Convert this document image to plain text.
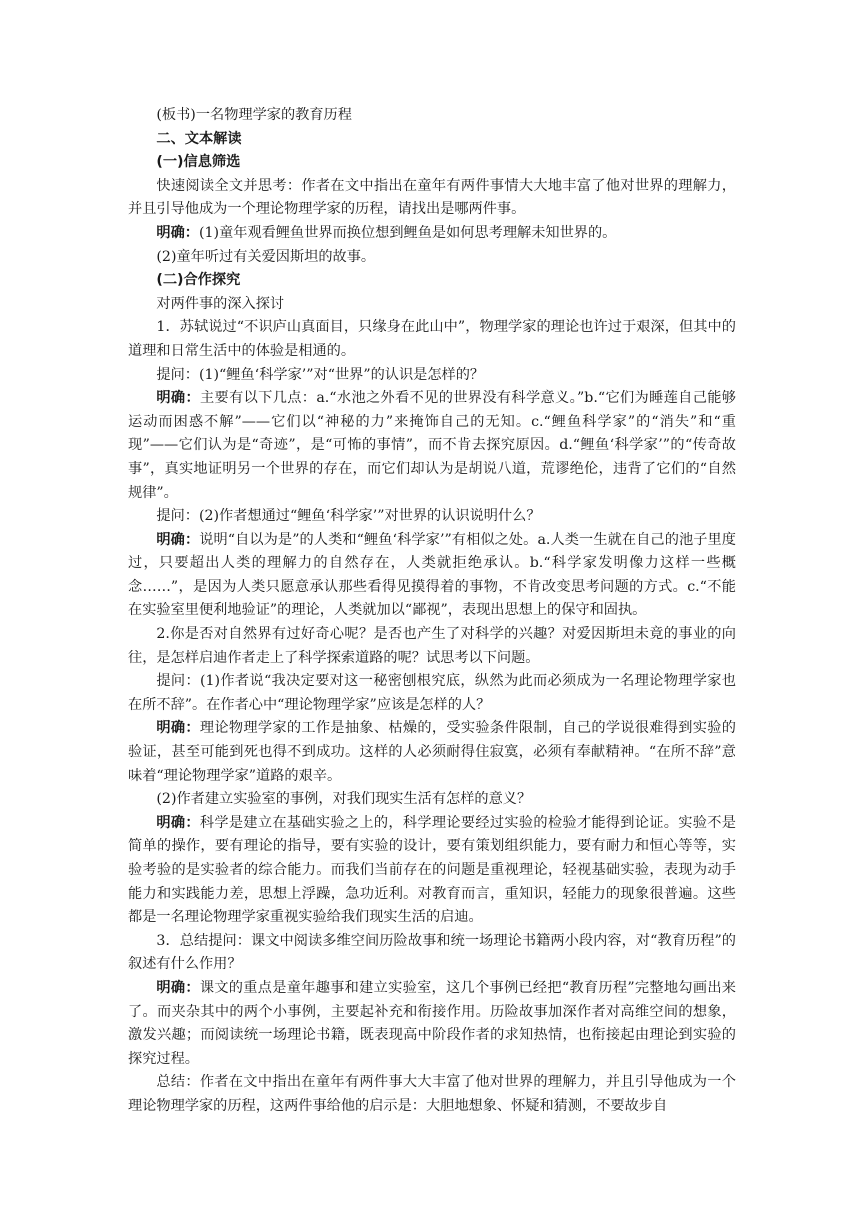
(板书)一名物理学家的教育历程

二、文本解读

(一)信息筛选

快速阅读全文并思考：作者在文中指出在童年有两件事情大大地丰富了他对世界的理解力，并且引导他成为一个理论物理学家的历程，请找出是哪两件事。

明确：(1)童年观看鲤鱼世界而换位想到鲤鱼是如何思考理解未知世界的。

(2)童年听过有关爱因斯坦的故事。

(二)合作探究

对两件事的深入探讨

1．苏轼说过“不识庐山真面目，只缘身在此山中”，物理学家的理论也许过于艰深，但其中的道理和日常生活中的体验是相通的。

提问：(1)“鲤鱼‘科学家’”对“世界”的认识是怎样的？

明确：主要有以下几点：a.“水池之外看不见的世界没有科学意义。”b.“它们为睡莲自己能够运动而困惑不解”——它们以“神秘的力”来掩饰自己的无知。c.“鲤鱼科学家”的“消失”和“重现”——它们认为是“奇迹”，是“可怖的事情”，而不肯去探究原因。d.“鲤鱼‘科学家’”的“传奇故事”，真实地证明另一个世界的存在，而它们却认为是胡说八道，荒谬绝伦，违背了它们的“自然规律”。

提问：(2)作者想通过“鲤鱼‘科学家’”对世界的认识说明什么？

明确：说明“自以为是”的人类和“鲤鱼‘科学家’”有相似之处。a.人类一生就在自己的池子里度过，只要超出人类的理解力的自然存在，人类就拒绝承认。b.“科学家发明像力这样一些概念……”，是因为人类只愿意承认那些看得见摸得着的事物，不肯改变思考问题的方式。c.“不能在实验室里便利地验证”的理论，人类就加以“鄙视”，表现出思想上的保守和固执。

2.你是否对自然界有过好奇心呢？是否也产生了对科学的兴趣？对爱因斯坦未竟的事业的向往，是怎样启迪作者走上了科学探索道路的呢？试思考以下问题。

提问：(1)作者说“我决定要对这一秘密刨根究底，纵然为此而必须成为一名理论物理学家也在所不辞”。在作者心中“理论物理学家”应该是怎样的人？

明确：理论物理学家的工作是抽象、枯燥的，受实验条件限制，自己的学说很难得到实验的验证，甚至可能到死也得不到成功。这样的人必须耐得住寂寞，必须有奉献精神。“在所不辞”意味着“理论物理学家”道路的艰辛。

(2)作者建立实验室的事例，对我们现实生活有怎样的意义？

明确：科学是建立在基础实验之上的，科学理论要经过实验的检验才能得到论证。实验不是简单的操作，要有理论的指导，要有实验的设计，要有策划组织能力，要有耐力和恒心等等，实验考验的是实验者的综合能力。而我们当前存在的问题是重视理论，轻视基础实验，表现为动手能力和实践能力差，思想上浮躁，急功近利。对教育而言，重知识，轻能力的现象很普遍。这些都是一名理论物理学家重视实验给我们现实生活的启迪。

3．总结提问：课文中阅读多维空间历险故事和统一场理论书籍两小段内容，对“教育历程”的叙述有什么作用？

明确：课文的重点是童年趣事和建立实验室，这几个事例已经把“教育历程”完整地勾画出来了。而夹杂其中的两个小事例，主要起补充和衔接作用。历险故事加深作者对高维空间的想象，激发兴趣；而阅读统一场理论书籍，既表现高中阶段作者的求知热情，也衔接起由理论到实验的探究过程。

总结：作者在文中指出在童年有两件事大大丰富了他对世界的理解力，并且引导他成为一个理论物理学家的历程，这两件事给他的启示是：大胆地想象、怀疑和猜测，不要故步自
